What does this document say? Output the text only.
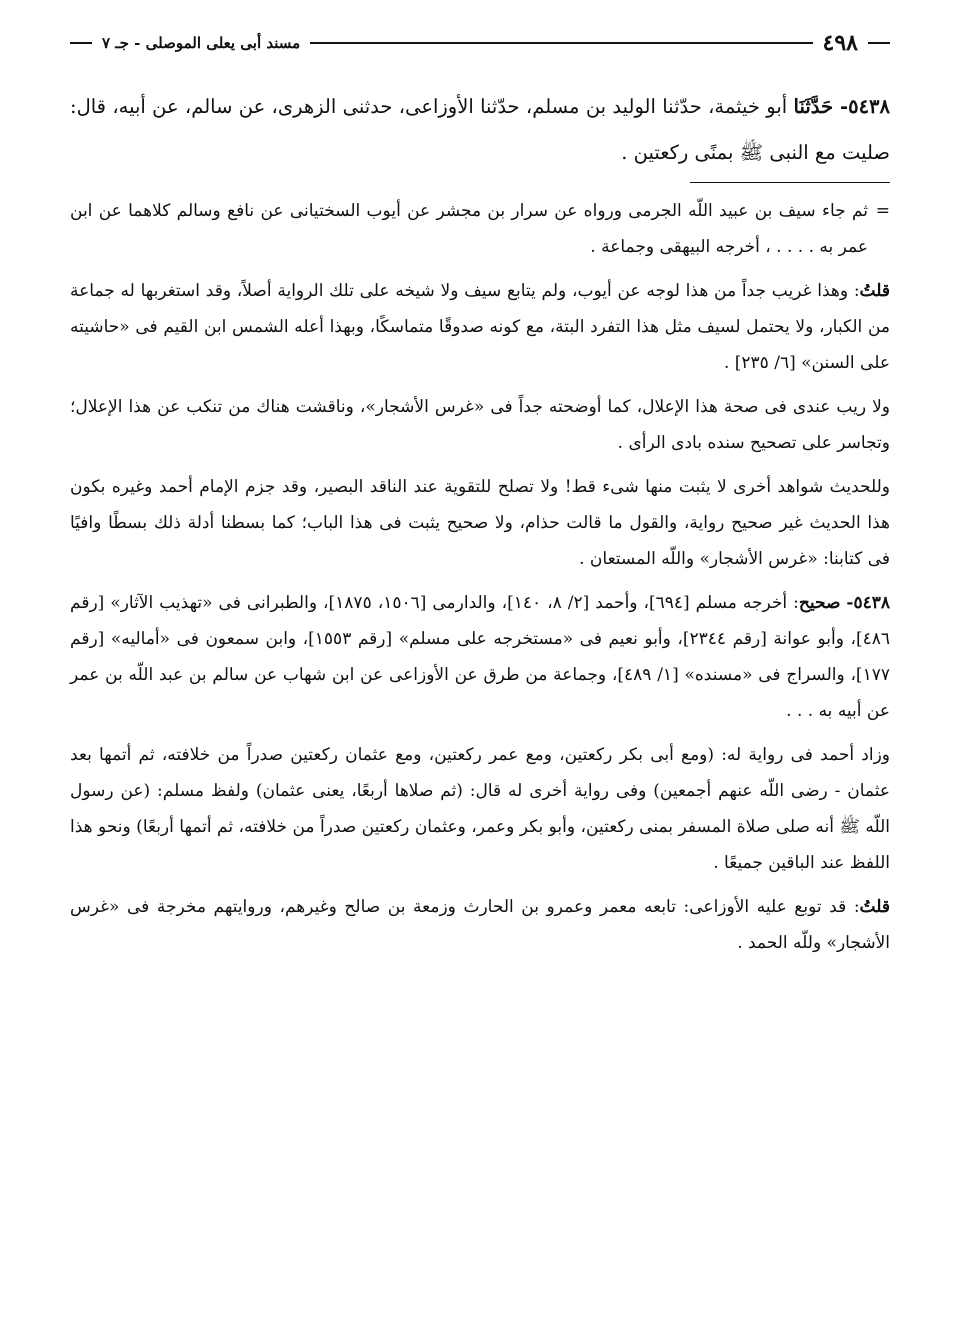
٤٩٨
مسند أبى يعلى الموصلى - جـ ٧
٥٤٣٨- حَدَّثَنَا أبو خيثمة، حدّثنا الوليد بن مسلم، حدّثنا الأوزاعى، حدثنى الزهرى، عن سالم، عن أبيه، قال: صليت مع النبى ﷺ بمنًى ركعتين .

=
ثم جاء سيف بن عبيد اللّه الجرمى ورواه عن سرار بن مجشر عن أيوب السختيانى عن نافع وسالم كلاهما عن ابن عمر به . . . . ، أخرجه البيهقى وجماعة .

قلتُ: وهذا غريب جداً من هذا لوجه عن أيوب، ولم يتابع سيف ولا شيخه على تلك الرواية أصلاً، وقد استغربها له جماعة من الكبار، ولا يحتمل لسيف مثل هذا التفرد البتة، مع كونه صدوقًا متماسكًا، وبهذا أعله الشمس ابن القيم فى «حاشيته على السنن» [٦/ ٢٣٥] .

ولا ريب عندى فى صحة هذا الإعلال، كما أوضحته جداً فى «غرس الأشجار»، وناقشت هناك من تنكب عن هذا الإعلال؛ وتجاسر على تصحيح سنده بادى الرأى .

وللحديث شواهد أخرى لا يثبت منها شىء قط! ولا تصلح للتقوية عند الناقد البصير، وقد جزم الإمام أحمد وغيره بكون هذا الحديث غير صحيح رواية، والقول ما قالت حذام، ولا صحيح يثبت فى هذا الباب؛ كما بسطنا أدلة ذلك بسطًا وافيًا فى كتابنا: «غرس الأشجار» واللّه المستعان .

٥٤٣٨- صحيح: أخرجه مسلم [٦٩٤]، وأحمد [٢/ ٨، ١٤٠]، والدارمى [١٥٠٦، ١٨٧٥]، والطبرانى فى «تهذيب الآثار» [رقم ٤٨٦]، وأبو عوانة [رقم ٢٣٤٤]، وأبو نعيم فى «مستخرجه على مسلم» [رقم ١٥٥٣]، وابن سمعون فى «أماليه» [رقم ١٧٧]، والسراج فى «مسنده» [١/ ٤٨٩]، وجماعة من طرق عن الأوزاعى عن ابن شهاب عن سالم بن عبد اللّه بن عمر عن أبيه به . . .

وزاد أحمد فى رواية له: (ومع أبى بكر ركعتين، ومع عمر ركعتين، ومع عثمان ركعتين صدراً من خلافته، ثم أتمها بعد عثمان - رضى اللّه عنهم أجمعين) وفى رواية أخرى له قال: (ثم صلاها أربعًا، يعنى عثمان) ولفظ مسلم: (عن رسول اللّه ﷺ أنه صلى صلاة المسفر بمنى ركعتين، وأبو بكر وعمر، وعثمان ركعتين صدراً من خلافته، ثم أتمها أربعًا) ونحو هذا اللفظ عند الباقين جميعًا .

قلتُ: قد توبع عليه الأوزاعى: تابعه معمر وعمرو بن الحارث وزمعة بن صالح وغيرهم، وروايتهم مخرجة فى «غرس الأشجار» وللّه الحمد .
